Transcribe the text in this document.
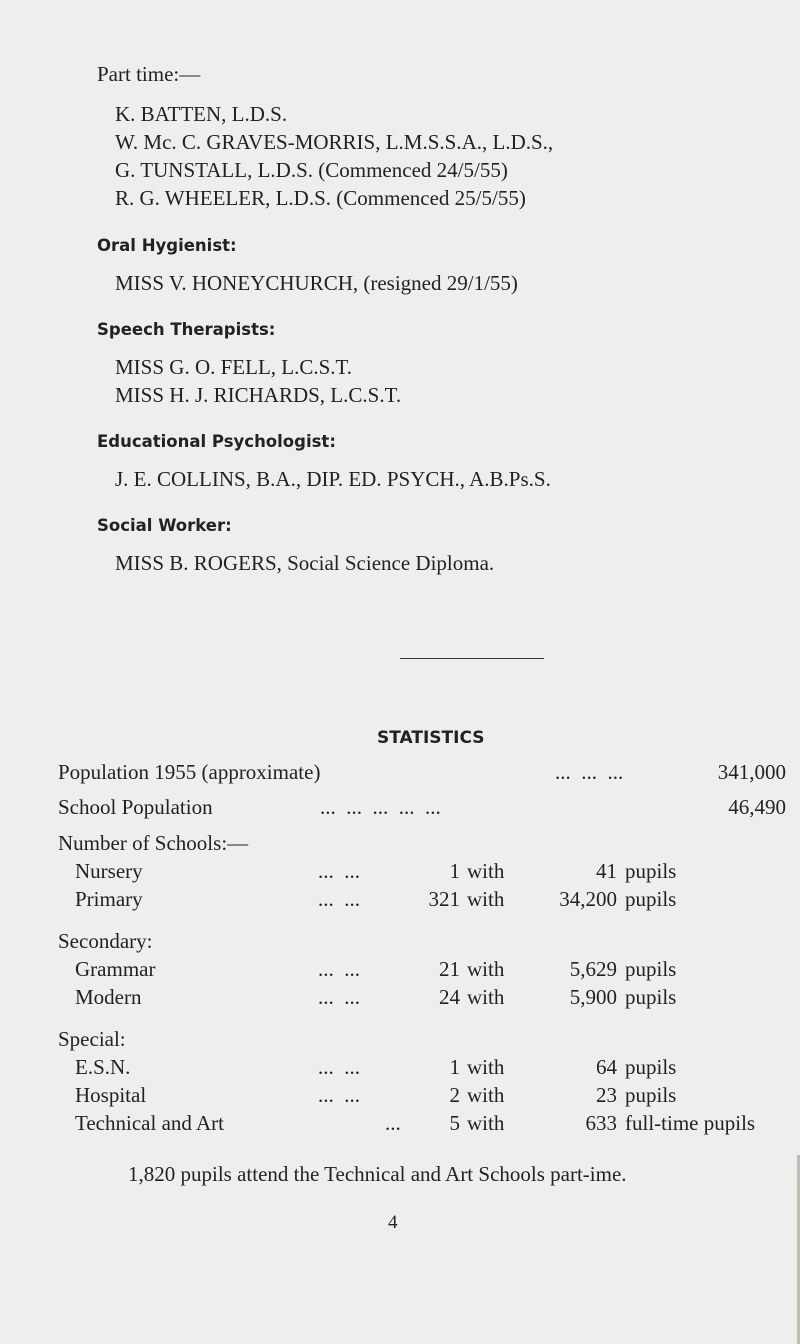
Part time:—
K. BATTEN, L.D.S.
W. Mc. C. GRAVES-MORRIS, L.M.S.S.A., L.D.S.,
G. TUNSTALL, L.D.S. (Commenced 24/5/55)
R. G. WHEELER, L.D.S. (Commenced 25/5/55)
Oral Hygienist:
MISS V. HONEYCHURCH, (resigned 29/1/55)
Speech Therapists:
MISS G. O. FELL, L.C.S.T.
MISS H. J. RICHARDS, L.C.S.T.
Educational Psychologist:
J. E. COLLINS, B.A., DIP. ED. PSYCH., A.B.Ps.S.
Social Worker:
MISS B. ROGERS, Social Science Diploma.
STATISTICS
Population 1955 (approximate)	...  ...  ...	341,000
School Population	...  ...  ...  ...  ...	46,490
Number of Schools:—
Nursery	...  ...	1 with	41 pupils
Primary	...  ...	321 with	34,200 pupils
Secondary:
Grammar	...  ...	21 with	5,629 pupils
Modern	...  ...	24 with	5,900 pupils
Special:
E.S.N.	...  ...	1 with	64 pupils
Hospital	...  ...	2 with	23 pupils
Technical and Art	...	5 with	633 full-time pupils
1,820 pupils attend the Technical and Art Schools part-ime.
4
